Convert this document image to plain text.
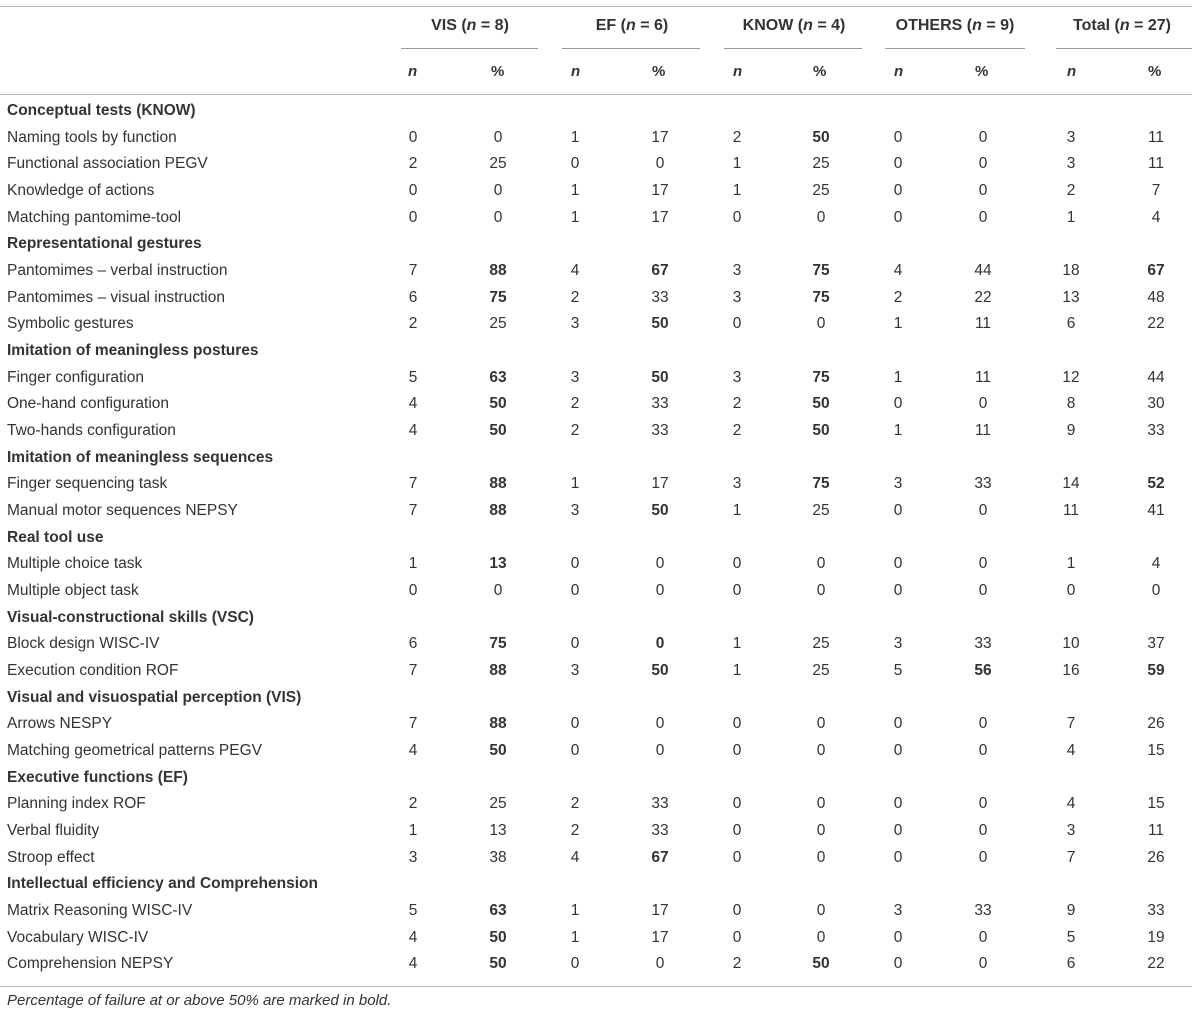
VIS (n = 8)	EF (n = 6)	KNOW (n = 4)	OTHERS (n = 9)	Total (n = 27)
n	%	n	%	n	%	n	%	n	%
Conceptual tests (KNOW)
Naming tools by function	0	0	1	17	2	50	0	0	3	11
Functional association PEGV	2	25	0	0	1	25	0	0	3	11
Knowledge of actions	0	0	1	17	1	25	0	0	2	7
Matching pantomime-tool	0	0	1	17	0	0	0	0	1	4
Representational gestures
Pantomimes – verbal instruction	7	88	4	67	3	75	4	44	18	67
Pantomimes – visual instruction	6	75	2	33	3	75	2	22	13	48
Symbolic gestures	2	25	3	50	0	0	1	11	6	22
Imitation of meaningless postures
Finger configuration	5	63	3	50	3	75	1	11	12	44
One-hand configuration	4	50	2	33	2	50	0	0	8	30
Two-hands configuration	4	50	2	33	2	50	1	11	9	33
Imitation of meaningless sequences
Finger sequencing task	7	88	1	17	3	75	3	33	14	52
Manual motor sequences NEPSY	7	88	3	50	1	25	0	0	11	41
Real tool use
Multiple choice task	1	13	0	0	0	0	0	0	1	4
Multiple object task	0	0	0	0	0	0	0	0	0	0
Visual-constructional skills (VSC)
Block design WISC-IV	6	75	0	0	1	25	3	33	10	37
Execution condition ROF	7	88	3	50	1	25	5	56	16	59
Visual and visuospatial perception (VIS)
Arrows NESPY	7	88	0	0	0	0	0	0	7	26
Matching geometrical patterns PEGV	4	50	0	0	0	0	0	0	4	15
Executive functions (EF)
Planning index ROF	2	25	2	33	0	0	0	0	4	15
Verbal fluidity	1	13	2	33	0	0	0	0	3	11
Stroop effect	3	38	4	67	0	0	0	0	7	26
Intellectual efficiency and Comprehension
Matrix Reasoning WISC-IV	5	63	1	17	0	0	3	33	9	33
Vocabulary WISC-IV	4	50	1	17	0	0	0	0	5	19
Comprehension NEPSY	4	50	0	0	2	50	0	0	6	22
Percentage of failure at or above 50% are marked in bold.
